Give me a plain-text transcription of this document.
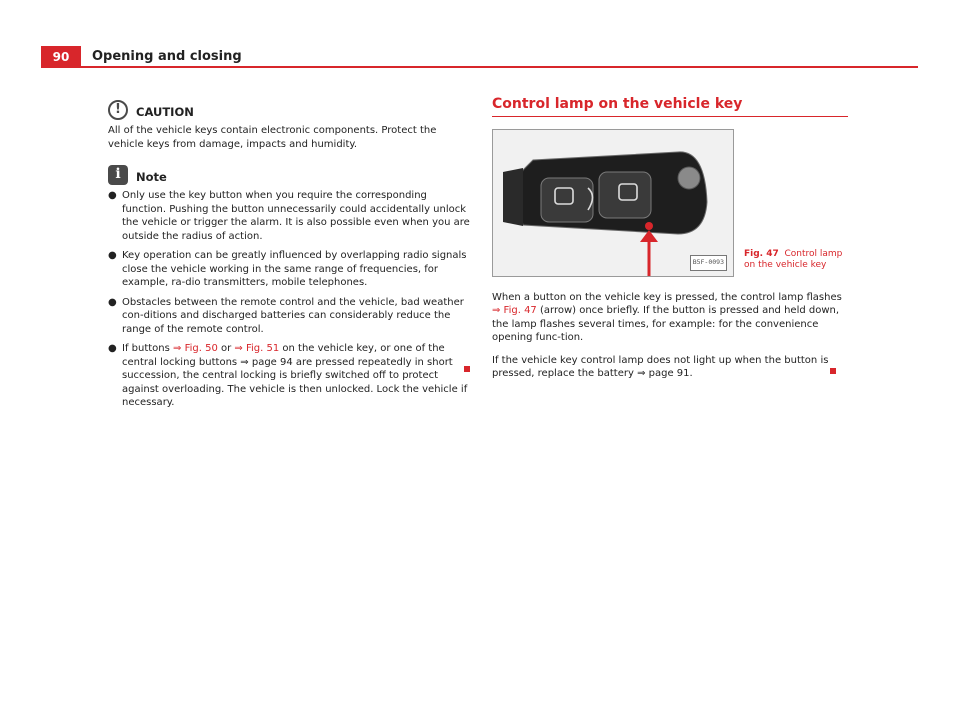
90	Opening and closing
!	CAUTION

All of the vehicle keys contain electronic components. Protect the vehicle keys from damage, impacts and humidity.

i	Note
● Only use the key button when you require the corresponding function. Pushing the button unnecessarily could accidentally unlock the vehicle or trigger the alarm. It is also possible even when you are outside the radius of action.
● Key operation can be greatly influenced by overlapping radio signals close the vehicle working in the same range of frequencies, for example, ra-dio transmitters, mobile telephones.
● Obstacles between the remote control and the vehicle, bad weather con-ditions and discharged batteries can considerably reduce the range of the remote control.
● If buttons ⇒ Fig. 50 or ⇒ Fig. 51 on the vehicle key, or one of the central locking buttons ⇒ page 94 are pressed repeatedly in short succession, the central locking is briefly switched off to protect against overloading. The vehicle is then unlocked. Lock the vehicle if necessary.
Control lamp on the vehicle key
B5F-0093
Fig. 47 Control lamp on the vehicle key

When a button on the vehicle key is pressed, the control lamp flashes ⇒ Fig. 47 (arrow) once briefly. If the button is pressed and held down, the lamp flashes several times, for example: for the convenience opening func-tion.

If the vehicle key control lamp does not light up when the button is pressed, replace the battery ⇒ page 91.
